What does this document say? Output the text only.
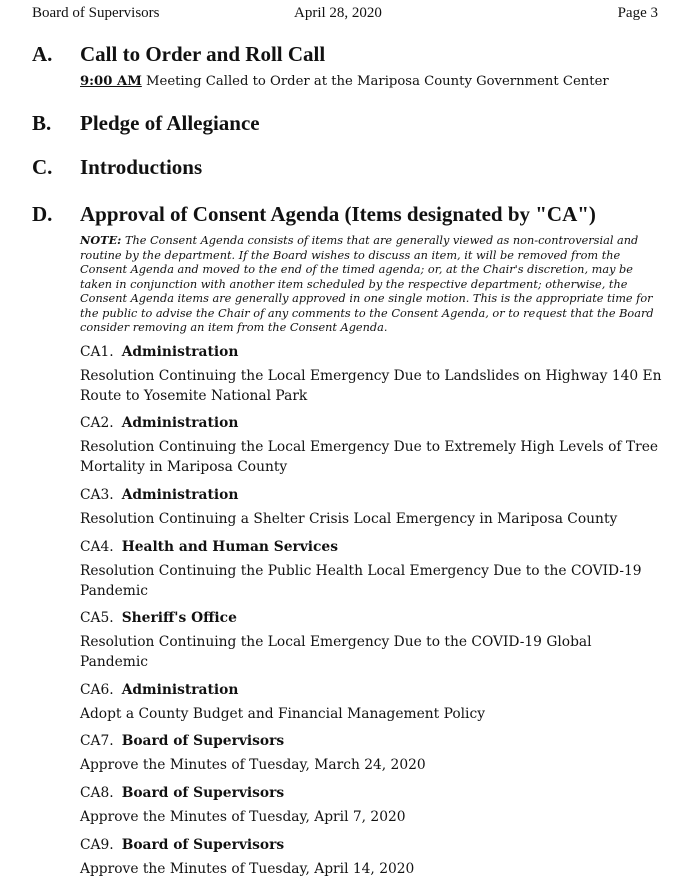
Board of Supervisors	April 28, 2020	Page 3
A. Call to Order and Roll Call
9:00 AM Meeting Called to Order at the Mariposa County Government Center
B. Pledge of Allegiance
C. Introductions
D. Approval of Consent Agenda (Items designated by "CA")
NOTE: The Consent Agenda consists of items that are generally viewed as non-controversial and routine by the department. If the Board wishes to discuss an item, it will be removed from the Consent Agenda and moved to the end of the timed agenda; or, at the Chair's discretion, may be taken in conjunction with another item scheduled by the respective department; otherwise, the Consent Agenda items are generally approved in one single motion. This is the appropriate time for the public to advise the Chair of any comments to the Consent Agenda, or to request that the Board consider removing an item from the Consent Agenda.
CA1. Administration
Resolution Continuing the Local Emergency Due to Landslides on Highway 140 En Route to Yosemite National Park
CA2. Administration
Resolution Continuing the Local Emergency Due to Extremely High Levels of Tree Mortality in Mariposa County
CA3. Administration
Resolution Continuing a Shelter Crisis Local Emergency in Mariposa County
CA4. Health and Human Services
Resolution Continuing the Public Health Local Emergency Due to the COVID-19 Pandemic
CA5. Sheriff's Office
Resolution Continuing the Local Emergency Due to the COVID-19 Global Pandemic
CA6. Administration
Adopt a County Budget and Financial Management Policy
CA7. Board of Supervisors
Approve the Minutes of Tuesday, March 24, 2020
CA8. Board of Supervisors
Approve the Minutes of Tuesday, April 7, 2020
CA9. Board of Supervisors
Approve the Minutes of Tuesday, April 14, 2020
